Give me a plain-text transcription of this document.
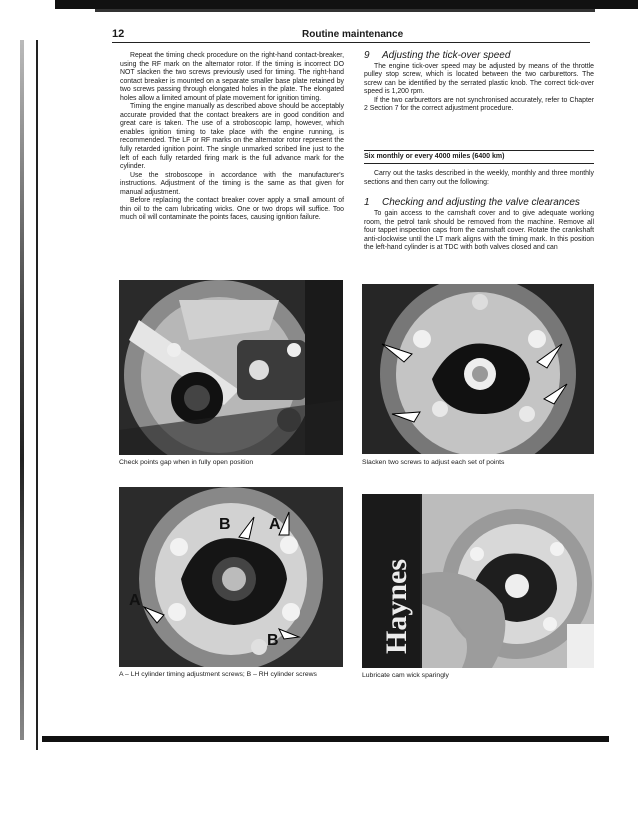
12	Routine maintenance

Repeat the timing check procedure on the right-hand contact-breaker, using the RF mark on the alternator rotor. If the timing is incorrect DO NOT slacken the two screws previously used for timing. The right-hand contact breaker is mounted on a separate smaller base plate retained by two screws passing through elongated holes in the plate. The elongated holes allow a limited amount of plate movement for ignition timing.

Timing the engine manually as described above should be acceptably accurate provided that the contact breakers are in good condition and great care is taken. The use of a stroboscopic lamp, however, which enables ignition timing to take place with the engine running, is recommended. The LF or RF marks on the alternator rotor represent the fully retarded ignition point. The single unmarked scribed line just to the left of each fully retarded firing mark is the full advance mark for the cylinder.

Use the stroboscope in accordance with the manufacturer's instructions. Adjustment of the timing is the same as that given for manual adjustment.

Before replacing the contact breaker cover apply a small amount of thin oil to the cam lubricating wicks. One or two drops will suffice. Too much oil will contaminate the points faces, causing ignition failure.

9 Adjusting the tick-over speed

The engine tick-over speed may be adjusted by means of the throttle pulley stop screw, which is located between the two carburettors. The screw can be identified by the serrated plastic knob. The correct tick-over speed is 1,200 rpm.

If the two carburettors are not synchronised accurately, refer to Chapter 2 Section 7 for the correct adjustment procedure.

Six monthly or every 4000 miles (6400 km)

Carry out the tasks described in the weekly, monthly and three monthly sections and then carry out the following:

1 Checking and adjusting the valve clearances

To gain access to the camshaft cover and to give adequate working room, the petrol tank should be removed from the machine. Remove all four tappet inspection caps from the camshaft cover. Rotate the crankshaft anti-clockwise until the LT mark aligns with the timing mark. In this position the left-hand cylinder is at TDC with both valves closed and can

Check points gap when in fully open position	Slacken two screws to adjust each set of points
B A
A
B
A – LH cylinder timing adjustment screws; B – RH cylinder screws
Haynes
Lubricate cam wick sparingly
